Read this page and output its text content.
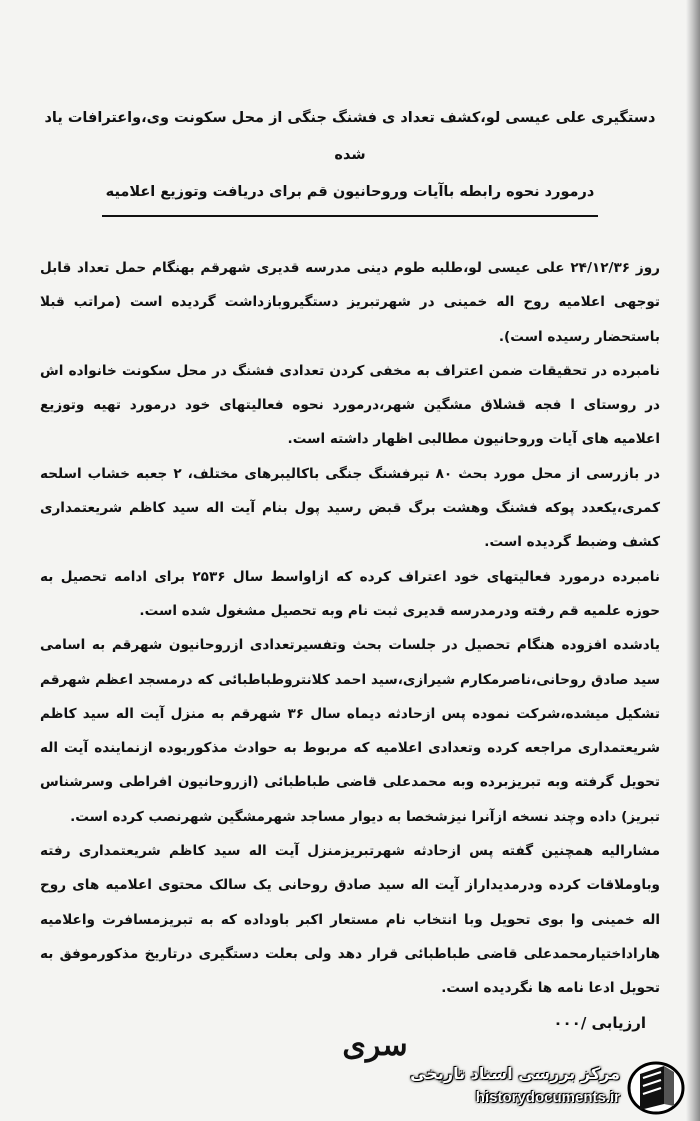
دستگیری علی عیسی لو،کشف تعداد ی فشنگ جنگی از محل سکونت وی،واعترافات یاد شده
درمورد نحوه رابطه باآیات وروحانیون قم برای دریافت وتوزیع اعلامیه

روز ۲۴/۱۲/۳۶ علی عیسی لو،طلبه طوم دینی مدرسه قدیری شهرقم بهنگام حمل تعداد قابل توجهی اعلامیه روح اله خمینی در شهرتبریز دستگیروبازداشت گردیده است (مراتب قبلا باستحضار رسیده است).

نامبرده در تحقیقات ضمن اعتراف به مخفی کردن تعدادی فشنگ در محل سکونت خانواده اش در روستای ا فجه قشلاق مشگین شهر،درمورد نحوه فعالیتهای خود درمورد تهیه وتوزیع اعلامیه های آیات وروحانیون مطالبی اظهار داشته است.

در بازرسی از محل مورد بحث ۸۰ تیرفشنگ جنگی باکالیبرهای مختلف، ۲ جعبه خشاب اسلحه کمری،یکعدد پوکه فشنگ وهشت برگ قبض رسید پول بنام آیت اله سید کاظم شریعتمداری کشف وضبط گردیده است.

نامبرده درمورد فعالیتهای خود اعتراف کرده که ازاواسط سال ۲۵۳۶ برای ادامه تحصیل به حوزه علمیه قم رفته ودرمدرسه قدیری ثبت نام وبه تحصیل مشغول شده است.

یادشده افزوده هنگام تحصیل در جلسات بحث وتفسیرتعدادی ازروحانیون شهرقم به اسامی سید صادق روحانی،ناصرمکارم شیرازی،سید احمد کلانتروطباطبائی که درمسجد اعظم شهرقم تشکیل میشده،شرکت نموده پس ازحادثه دیماه سال ۳۶ شهرقم به منزل آیت اله سید کاظم شریعتمداری مراجعه کرده وتعدادی اعلامیه که مربوط به حوادث مذکوربوده ازنماینده آیت اله تحویل گرفته وبه تبریزبرده وبه محمدعلی قاضی طباطبائی (ازروحانیون افراطی وسرشناس تبریز) داده وچند نسخه ازآنرا نیزشخصا به دیوار مساجد شهرمشگین شهرنصب کرده است.

مشارالیه همچنین گفته پس ازحادثه شهرتبریزمنزل آیت اله سید کاظم شریعتمداری رفته وباوملاقات کرده ودرمدیداراز آیت اله سید صادق روحانی یک سالک محتوی اعلامیه های روح اله خمینی وا بوی تحویل وبا انتخاب نام مستعار اکبر باوداده که به تبریزمسافرت واعلامیه هاراداختیارمحمدعلی قاضی طباطبائی قرار دهد ولی بعلت دستگیری درتاریخ مذکورموفق به تحویل ادعا نامه ها نگردیده است.

ارزیابی /۰۰۰
سری
مرکز بررسی اسناد تاریخی
historydocuments.ir
